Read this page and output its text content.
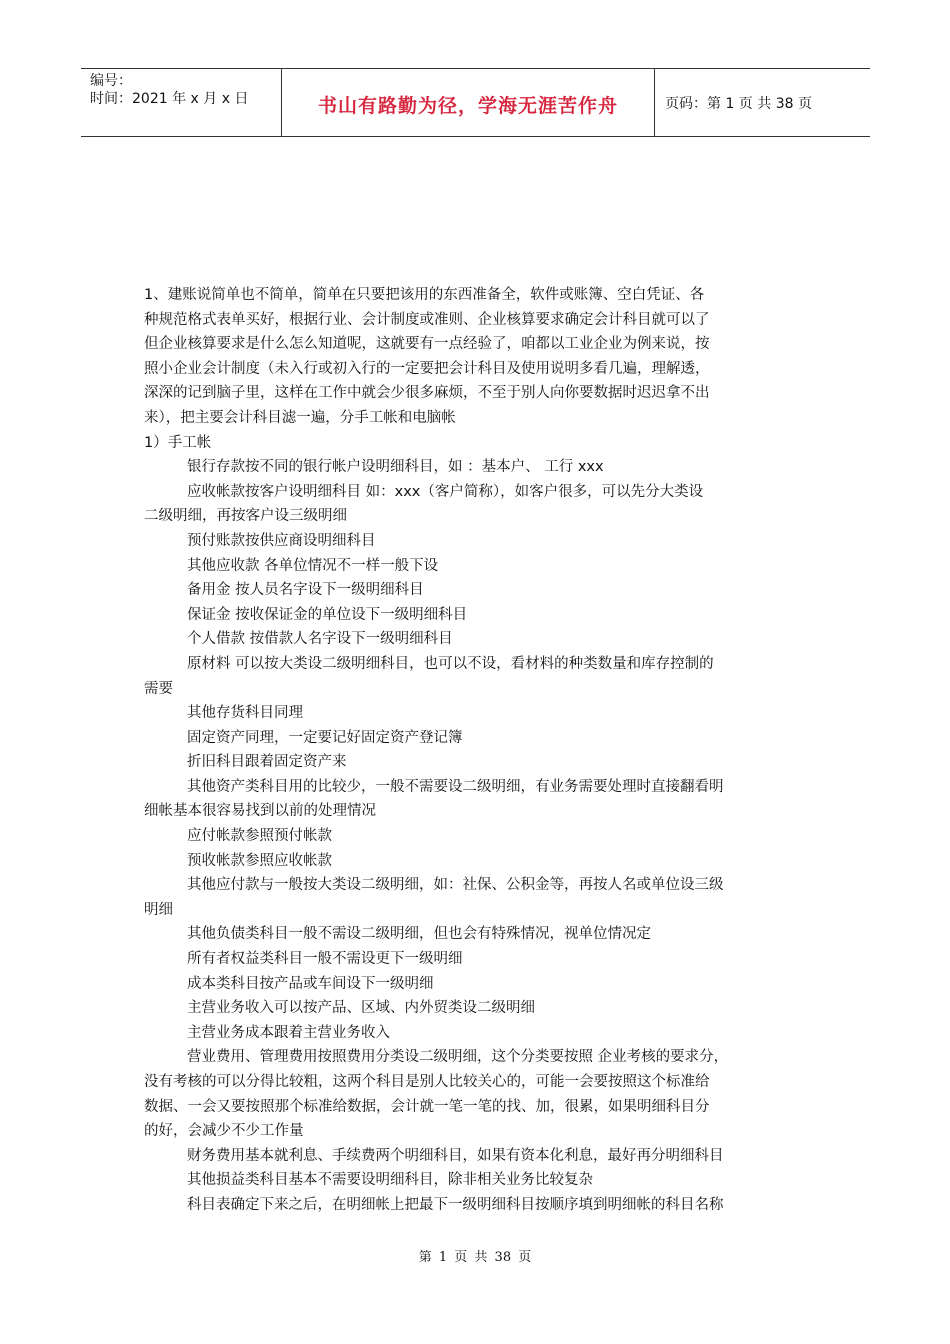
编号：
时间：2021 年 x 月 x 日	书山有路勤为径，学海无涯苦作舟	页码：第 1 页 共 38 页
1、建账说简单也不简单，简单在只要把该用的东西准备全，软件或账簿、空白凭证、各
种规范格式表单买好，根据行业、会计制度或准则、企业核算要求确定会计科目就可以了
但企业核算要求是什么怎么知道呢，这就要有一点经验了，咱都以工业企业为例来说，按
照小企业会计制度（未入行或初入行的一定要把会计科目及使用说明多看几遍，理解透，
深深的记到脑子里，这样在工作中就会少很多麻烦，不至于别人向你要数据时迟迟拿不出
来），把主要会计科目滤一遍，分手工帐和电脑帐
1）手工帐
银行存款按不同的银行帐户设明细科目，如 ：基本户、 工行 xxx
应收帐款按客户设明细科目 如：xxx（客户简称），如客户很多，可以先分大类设
二级明细，再按客户设三级明细
预付账款按供应商设明细科目
其他应收款 各单位情况不一样一般下设
备用金 按人员名字设下一级明细科目
保证金 按收保证金的单位设下一级明细科目
个人借款 按借款人名字设下一级明细科目
原材料 可以按大类设二级明细科目，也可以不设，看材料的种类数量和库存控制的
需要
其他存货科目同理
固定资产同理，一定要记好固定资产登记簿
折旧科目跟着固定资产来
其他资产类科目用的比较少，一般不需要设二级明细，有业务需要处理时直接翻看明
细帐基本很容易找到以前的处理情况
应付帐款参照预付帐款
预收帐款参照应收帐款
其他应付款与一般按大类设二级明细，如：社保、公积金等，再按人名或单位设三级
明细
其他负债类科目一般不需设二级明细，但也会有特殊情况，视单位情况定
所有者权益类科目一般不需设更下一级明细
成本类科目按产品或车间设下一级明细
主营业务收入可以按产品、区域、内外贸类设二级明细
主营业务成本跟着主营业务收入
营业费用、管理费用按照费用分类设二级明细，这个分类要按照 企业考核的要求分，
没有考核的可以分得比较粗，这两个科目是别人比较关心的，可能一会要按照这个标准给
数据、一会又要按照那个标准给数据，会计就一笔一笔的找、加，很累，如果明细科目分
的好，会减少不少工作量
财务费用基本就利息、手续费两个明细科目，如果有资本化利息，最好再分明细科目
其他损益类科目基本不需要设明细科目，除非相关业务比较复杂
科目表确定下来之后，在明细帐上把最下一级明细科目按顺序填到明细帐的科目名称
第 1 页 共 38 页
